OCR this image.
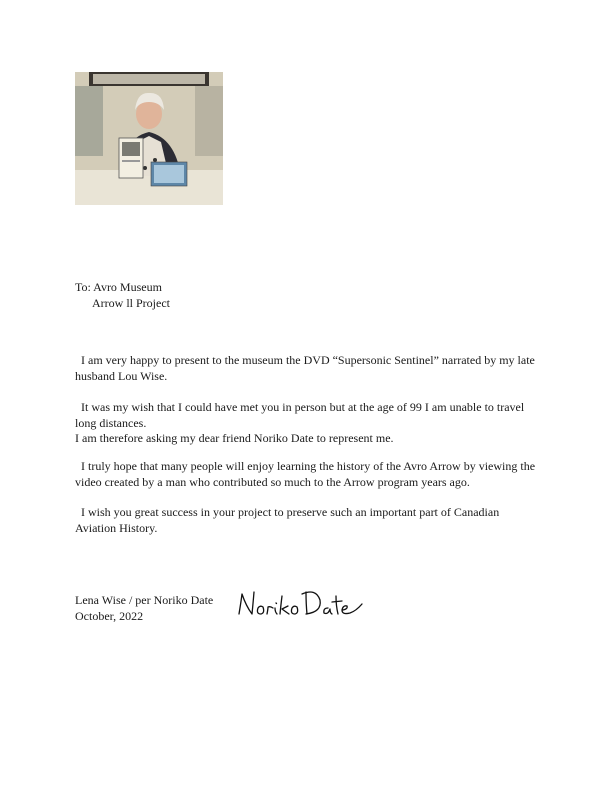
To: Avro Museum
Arrow ll Project

I am very happy to present to the museum the DVD “Supersonic Sentinel” narrated by my late husband Lou Wise.

It was my wish that I could have met you in person but at the age of 99 I am unable to travel long distances.

I am therefore asking my dear friend Noriko Date to represent me.

I truly hope that many people will enjoy learning the history of the Avro Arrow by viewing the video created by a man who contributed so much to the Arrow program years ago.

I wish you great success in your project to preserve such an important part of Canadian Aviation History.

Lena Wise / per Noriko Date
October, 2022
